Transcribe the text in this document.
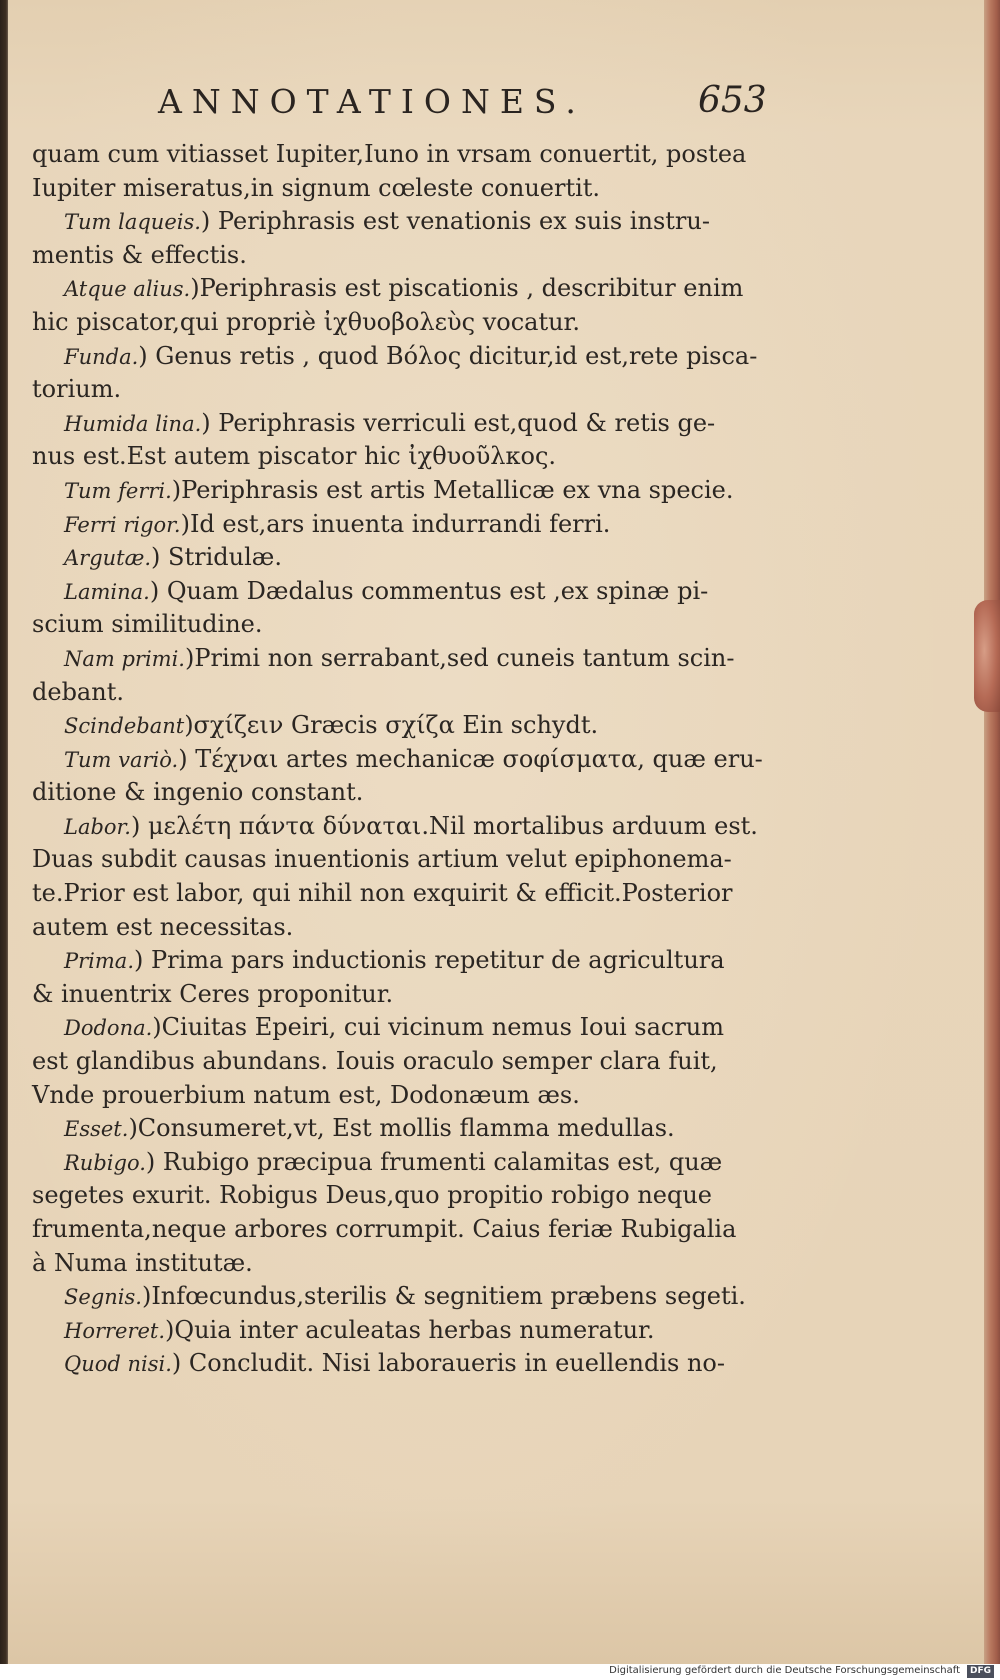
ANNOTATIONES.	653
quam cum vitiasset Iupiter,Iuno in vrsam conuertit, postea
Iupiter miseratus,in signum cœleste conuertit.
Tum laqueis.) Periphrasis est venationis ex suis instru-
mentis & effectis.
Atque alius.)Periphrasis est piscationis , describitur enim
hic piscator,qui propriè ἰχθυοβολεὺς vocatur.
Funda.) Genus retis , quod Βόλος dicitur,id est,rete pisca-
torium.
Humida lina.) Periphrasis verriculi est,quod & retis ge-
nus est.Est autem piscator hic ἰχθυοῦλκος.
Tum ferri.)Periphrasis est artis Metallicæ ex vna specie.
Ferri rigor.)Id est,ars inuenta indurrandi ferri.
Argutæ.) Stridulæ.
Lamina.) Quam Dædalus commentus est ,ex spinæ pi-
scium similitudine.
Nam primi.)Primi non serrabant,sed cuneis tantum scin-
debant.
Scindebant)σχίζειν Græcis σχίζα Ein schydt.
Tum variò.) Τέχναι artes mechanicæ σοφίσματα, quæ eru-
ditione & ingenio constant.
Labor.) μελέτη πάντα δύναται.Nil mortalibus arduum est.
Duas subdit causas inuentionis artium velut epiphonema-
te.Prior est labor, qui nihil non exquirit & efficit.Posterior
autem est necessitas.
Prima.) Prima pars inductionis repetitur de agricultura
& inuentrix Ceres proponitur.
Dodona.)Ciuitas Epeiri, cui vicinum nemus Ioui sacrum
est glandibus abundans. Iouis oraculo semper clara fuit,
Vnde prouerbium natum est, Dodonæum æs.
Esset.)Consumeret,vt, Est mollis flamma medullas.
Rubigo.) Rubigo præcipua frumenti calamitas est, quæ
segetes exurit. Robigus Deus,quo propitio robigo neque
frumenta,neque arbores corrumpit. Caius feriæ Rubigalia
à Numa institutæ.
Segnis.)Infœcundus,sterilis & segnitiem præbens segeti.
Horreret.)Quia inter aculeatas herbas numeratur.
Quod nisi.) Concludit. Nisi laboraueris in euellendis no-
Digitalisierung gefördert durch die Deutsche Forschungsgemeinschaft	DFG
